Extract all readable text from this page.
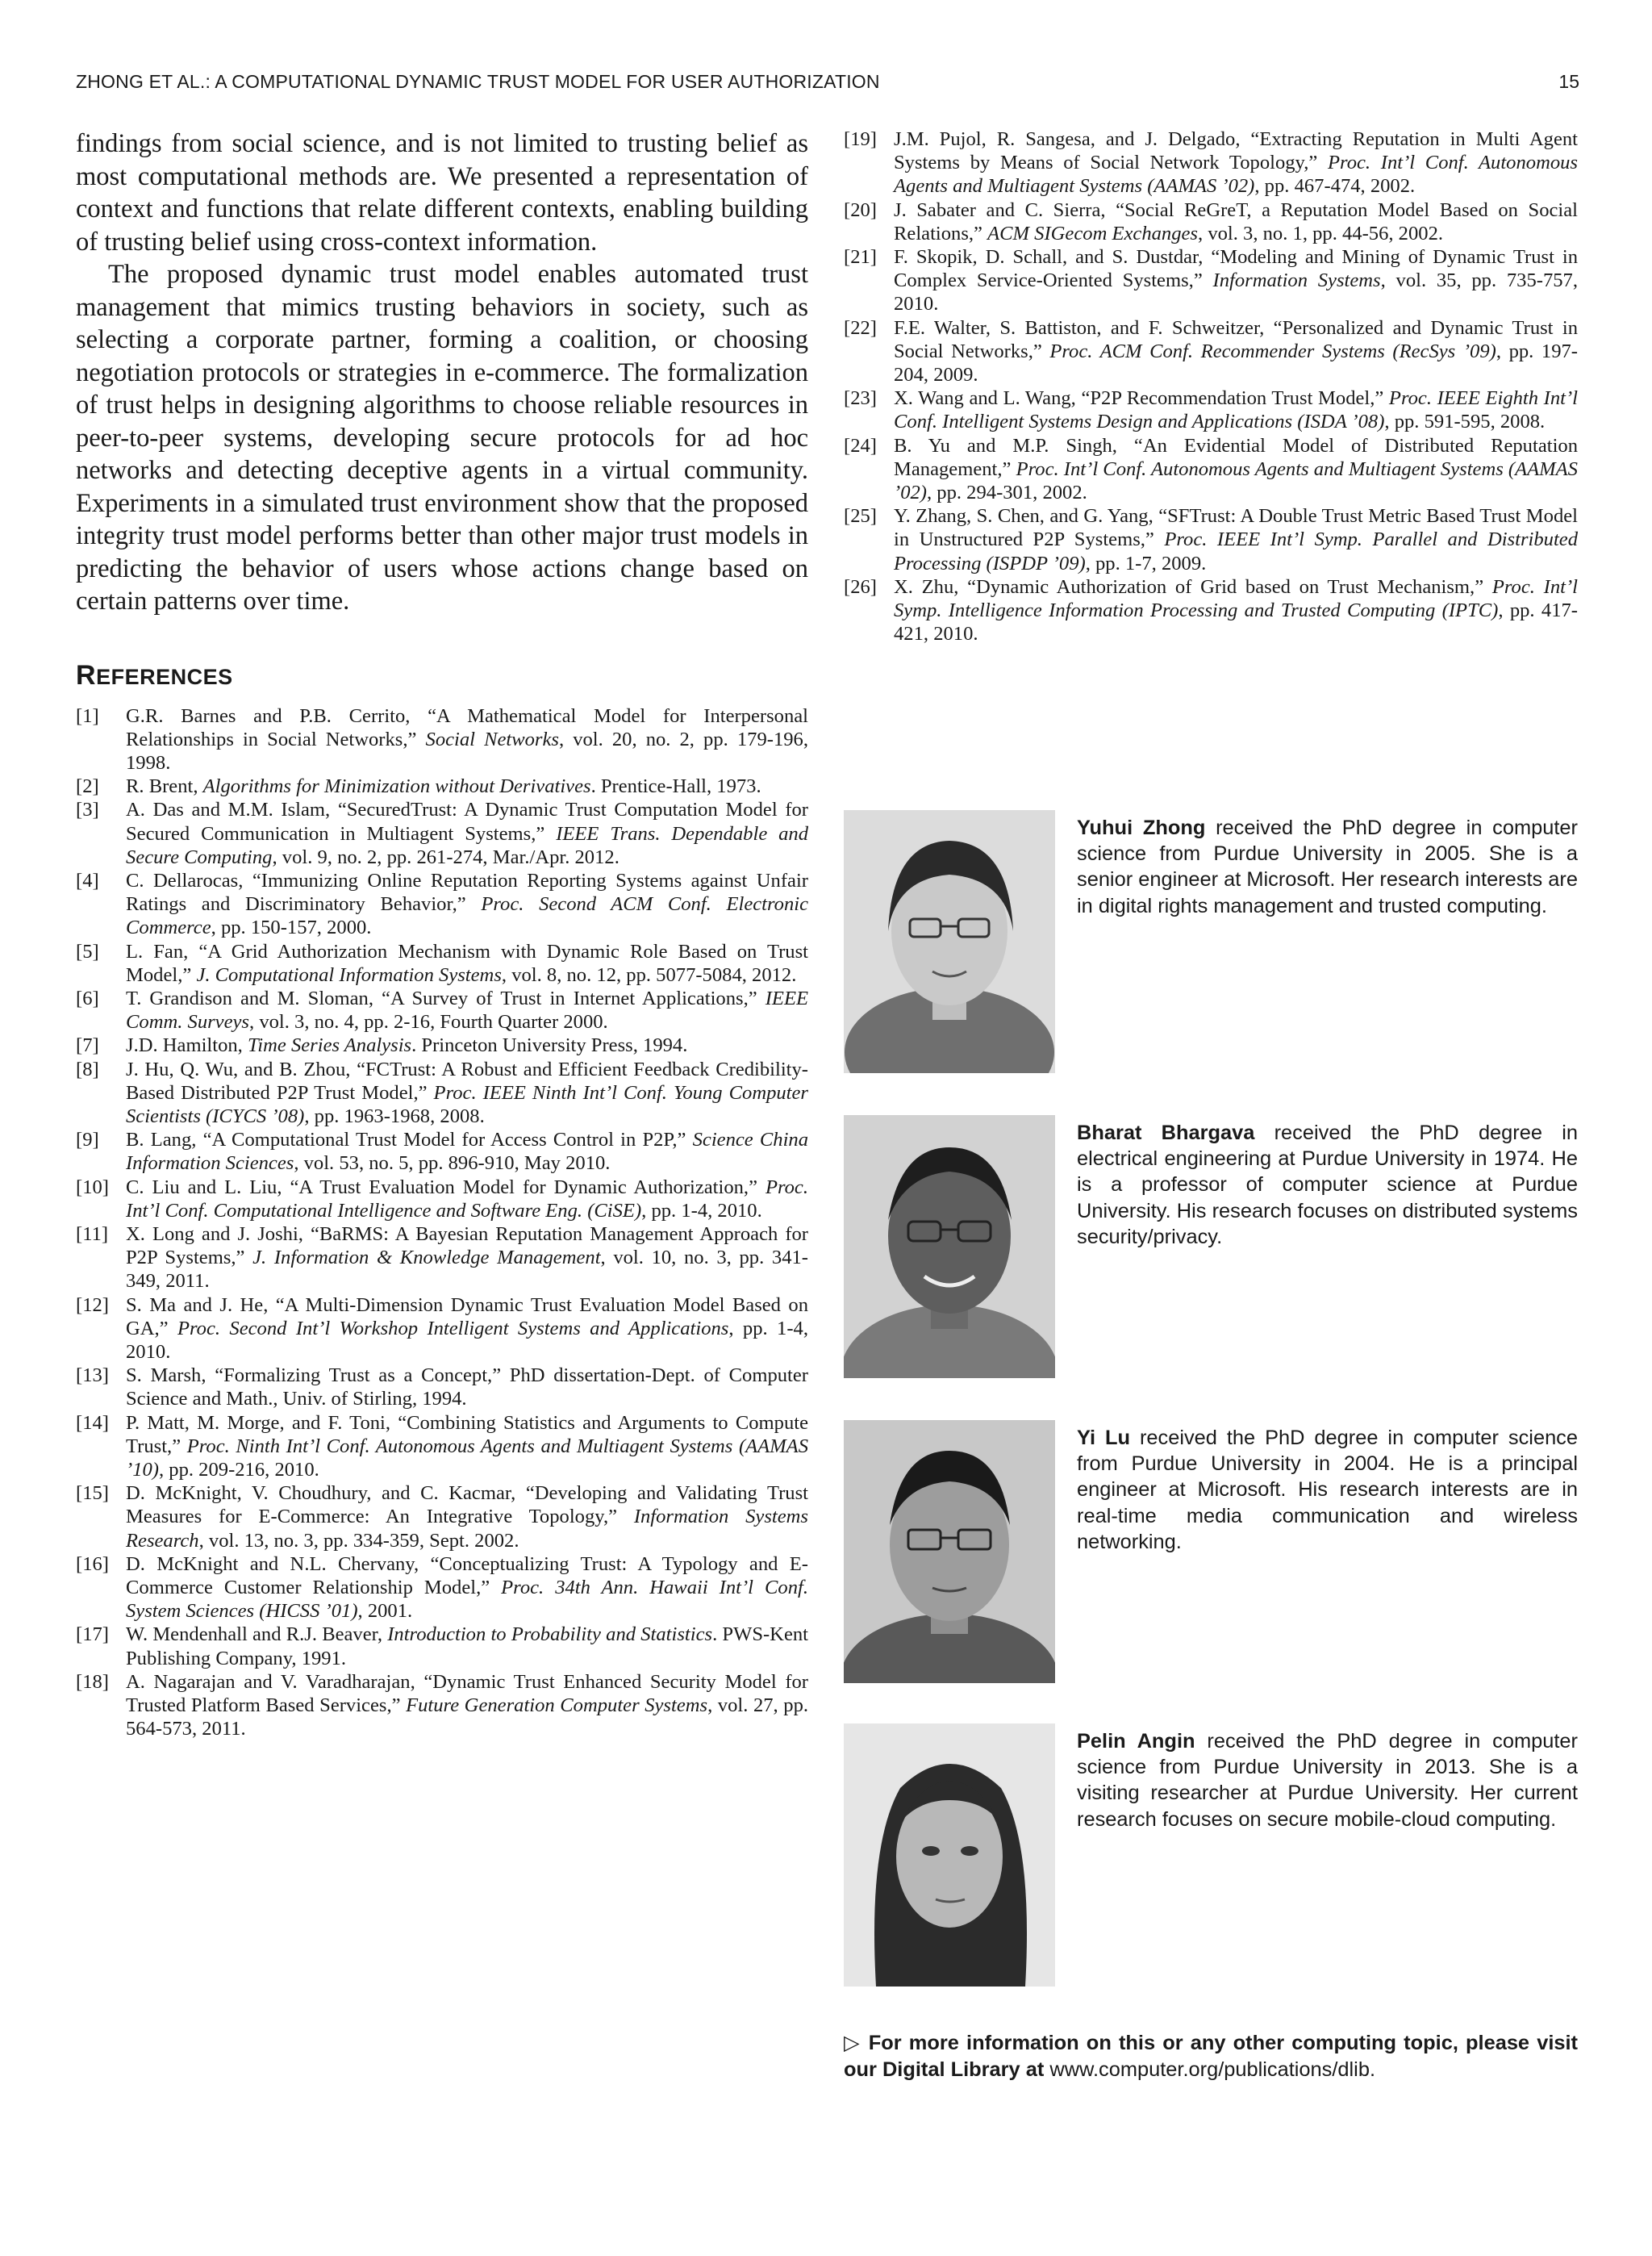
ZHONG ET AL.: A COMPUTATIONAL DYNAMIC TRUST MODEL FOR USER AUTHORIZATION	15

findings from social science, and is not limited to trusting belief as most computational methods are. We presented a representation of context and functions that relate different contexts, enabling building of trusting belief using cross-context information.

The proposed dynamic trust model enables automated trust management that mimics trusting behaviors in society, such as selecting a corporate partner, forming a coalition, or choosing negotiation protocols or strategies in e-commerce. The formalization of trust helps in designing algorithms to choose reliable resources in peer-to-peer systems, developing secure protocols for ad hoc networks and detecting deceptive agents in a virtual community. Experiments in a simulated trust environment show that the proposed integrity trust model performs better than other major trust models in predicting the behavior of users whose actions change based on certain patterns over time.

REFERENCES
[1]	G.R. Barnes and P.B. Cerrito, “A Mathematical Model for Interpersonal Relationships in Social Networks,” Social Networks, vol. 20, no. 2, pp. 179-196, 1998.
[2]	R. Brent, Algorithms for Minimization without Derivatives. Prentice-Hall, 1973.
[3]	A. Das and M.M. Islam, “SecuredTrust: A Dynamic Trust Computation Model for Secured Communication in Multiagent Systems,” IEEE Trans. Dependable and Secure Computing, vol. 9, no. 2, pp. 261-274, Mar./Apr. 2012.
[4]	C. Dellarocas, “Immunizing Online Reputation Reporting Systems against Unfair Ratings and Discriminatory Behavior,” Proc. Second ACM Conf. Electronic Commerce, pp. 150-157, 2000.
[5]	L. Fan, “A Grid Authorization Mechanism with Dynamic Role Based on Trust Model,” J. Computational Information Systems, vol. 8, no. 12, pp. 5077-5084, 2012.
[6]	T. Grandison and M. Sloman, “A Survey of Trust in Internet Applications,” IEEE Comm. Surveys, vol. 3, no. 4, pp. 2-16, Fourth Quarter 2000.
[7]	J.D. Hamilton, Time Series Analysis. Princeton University Press, 1994.
[8]	J. Hu, Q. Wu, and B. Zhou, “FCTrust: A Robust and Efficient Feedback Credibility-Based Distributed P2P Trust Model,” Proc. IEEE Ninth Int’l Conf. Young Computer Scientists (ICYCS ’08), pp. 1963-1968, 2008.
[9]	B. Lang, “A Computational Trust Model for Access Control in P2P,” Science China Information Sciences, vol. 53, no. 5, pp. 896-910, May 2010.
[10] C. Liu and L. Liu, “A Trust Evaluation Model for Dynamic Authorization,” Proc. Int’l Conf. Computational Intelligence and Software Eng. (CiSE), pp. 1-4, 2010.
[11] X. Long and J. Joshi, “BaRMS: A Bayesian Reputation Management Approach for P2P Systems,” J. Information & Knowledge Management, vol. 10, no. 3, pp. 341-349, 2011.
[12] S. Ma and J. He, “A Multi-Dimension Dynamic Trust Evaluation Model Based on GA,” Proc. Second Int’l Workshop Intelligent Systems and Applications, pp. 1-4, 2010.
[13] S. Marsh, “Formalizing Trust as a Concept,” PhD dissertation-Dept. of Computer Science and Math., Univ. of Stirling, 1994.
[14] P. Matt, M. Morge, and F. Toni, “Combining Statistics and Arguments to Compute Trust,” Proc. Ninth Int’l Conf. Autonomous Agents and Multiagent Systems (AAMAS ’10), pp. 209-216, 2010.
[15] D. McKnight, V. Choudhury, and C. Kacmar, “Developing and Validating Trust Measures for E-Commerce: An Integrative Topology,” Information Systems Research, vol. 13, no. 3, pp. 334-359, Sept. 2002.
[16] D. McKnight and N.L. Chervany, “Conceptualizing Trust: A Typology and E-Commerce Customer Relationship Model,” Proc. 34th Ann. Hawaii Int’l Conf. System Sciences (HICSS ’01), 2001.
[17] W. Mendenhall and R.J. Beaver, Introduction to Probability and Statistics. PWS-Kent Publishing Company, 1991.
[18] A. Nagarajan and V. Varadharajan, “Dynamic Trust Enhanced Security Model for Trusted Platform Based Services,” Future Generation Computer Systems, vol. 27, pp. 564-573, 2011.
[19] J.M. Pujol, R. Sangesa, and J. Delgado, “Extracting Reputation in Multi Agent Systems by Means of Social Network Topology,” Proc. Int’l Conf. Autonomous Agents and Multiagent Systems (AAMAS ’02), pp. 467-474, 2002.
[20] J. Sabater and C. Sierra, “Social ReGreT, a Reputation Model Based on Social Relations,” ACM SIGecom Exchanges, vol. 3, no. 1, pp. 44-56, 2002.
[21] F. Skopik, D. Schall, and S. Dustdar, “Modeling and Mining of Dynamic Trust in Complex Service-Oriented Systems,” Information Systems, vol. 35, pp. 735-757, 2010.
[22] F.E. Walter, S. Battiston, and F. Schweitzer, “Personalized and Dynamic Trust in Social Networks,” Proc. ACM Conf. Recommender Systems (RecSys ’09), pp. 197-204, 2009.
[23] X. Wang and L. Wang, “P2P Recommendation Trust Model,” Proc. IEEE Eighth Int’l Conf. Intelligent Systems Design and Applications (ISDA ’08), pp. 591-595, 2008.
[24] B. Yu and M.P. Singh, “An Evidential Model of Distributed Reputation Management,” Proc. Int’l Conf. Autonomous Agents and Multiagent Systems (AAMAS ’02), pp. 294-301, 2002.
[25] Y. Zhang, S. Chen, and G. Yang, “SFTrust: A Double Trust Metric Based Trust Model in Unstructured P2P Systems,” Proc. IEEE Int’l Symp. Parallel and Distributed Processing (ISPDP ’09), pp. 1-7, 2009.
[26] X. Zhu, “Dynamic Authorization of Grid based on Trust Mechanism,” Proc. Int’l Symp. Intelligence Information Processing and Trusted Computing (IPTC), pp. 417-421, 2010.
Yuhui Zhong received the PhD degree in computer science from Purdue University in 2005. She is a senior engineer at Microsoft. Her research interests are in digital rights management and trusted computing.
Bharat Bhargava received the PhD degree in electrical engineering at Purdue University in 1974. He is a professor of computer science at Purdue University. His research focuses on distributed systems security/privacy.
Yi Lu received the PhD degree in computer science from Purdue University in 2004. He is a principal engineer at Microsoft. His research interests are in real-time media communication and wireless networking.
Pelin Angin received the PhD degree in computer science from Purdue University in 2013. She is a visiting researcher at Purdue University. Her current research focuses on secure mobile-cloud computing.
▷ For more information on this or any other computing topic, please visit our Digital Library at www.computer.org/publications/dlib.
